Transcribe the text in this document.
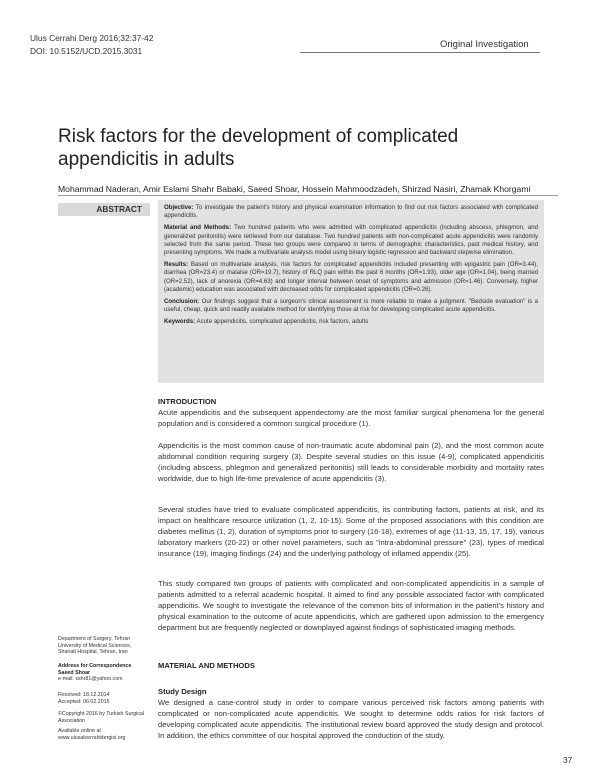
Ulus Cerrahi Derg 2016;32:37-42
DOI: 10.5152/UCD.2015.3031
Original Investigation
Risk factors for the development of complicated appendicitis in adults
Mohammad Naderan, Amir Eslami Shahr Babaki, Saeed Shoar, Hossein Mahmoodzadeh, Shirzad Nasiri, Zhamak Khorgami
ABSTRACT	Objective: To investigate the patient's history and physical examination information to find out risk factors associated with complicated appendicitis.

Material and Methods: Two hundred patients who were admitted with complicated appendicitis (including abscess, phlegmon, and generalized peritonitis) were retrieved from our database. Two hundred patients with non-complicated acute appendicitis were randomly selected from the same period. These two groups were compared in terms of demographic characteristics, past medical history, and presenting symptoms. We made a multivariate analysis model using binary logistic regression and backward stepwise elimination.

Results: Based on multivariate analysis, risk factors for complicated appendicitis included presenting with epigastric pain (OR=3.44), diarrhea (OR=23.4) or malaise (OR=19.7), history of RLQ pain within the past 6 months (OR=1.93), older age (OR=1.04), being married (OR=2.52), lack of anorexia (OR=4.63) and longer interval between onset of symptoms and admission (OR=1.46). Conversely, higher (academic) education was associated with decreased odds for complicated appendicitis (OR=0.26).

Conclusion: Our findings suggest that a surgeon's clinical assessment is more reliable to make a judgment. "Bedside evaluation" is a useful, cheap, quick and readily available method for identifying those at risk for developing complicated acute appendicitis.

Keywords: Acute appendicitis, complicated appendicitis, risk factors, adults

INTRODUCTION

Acute appendicitis and the subsequent appendectomy are the most familiar surgical phenomena for the general population and is considered a common surgical procedure (1).

Appendicitis is the most common cause of non-traumatic acute abdominal pain (2), and the most common acute abdominal condition requiring surgery (3). Despite several studies on this issue (4-9), complicated appendicitis (including abscess, phlegmon and generalized peritonitis) still leads to considerable morbidity and mortality rates worldwide, due to high life-time prevalence of acute appendicitis (3).
Several studies have tried to evaluate complicated appendicitis, its contributing factors, patients at risk, and its impact on healthcare resource utilization (1, 2, 10-15). Some of the proposed associations with this condition are diabetes mellitus (1, 2), duration of symptoms prior to surgery (16-18), extremes of age (11-13, 15, 17, 19), various laboratory markers (20-22) or other novel parameters, such as "intra-abdominal pressure" (23), types of medical insurance (19), imaging findings (24) and the underlying pathology of inflamed appendix (25).
This study compared two groups of patients with complicated and non-complicated appendicitis in a sample of patients admitted to a referral academic hospital. It aimed to find any possible associated factor with complicated appendicitis. We sought to investigate the relevance of the common bits of information in the patient's history and physical examination to the outcome of acute appendicitis, which are gathered upon admission to the emergency department but are frequently neglected or downplayed against findings of sophisticated imaging methods.
MATERIAL AND METHODS
Study Design
We designed a case-control study in order to compare various perceived risk factors among patients with complicated or non-complicated acute appendicitis. We sought to determine odds ratios for risk factors of developing complicated acute appendicitis. The institutional review board approved the study design and protocol. In addition, the ethics committee of our hospital approved the conduction of the study.
Department of Surgery, Tehran University of Medical Sciences, Shariati Hospital, Tehran, Iran
Address for Correspondence
Saeed Shoar
e-mail: sshr81@yahoo.com
Received: 18.12.2014
Accepted: 06.02.2015
©Copyright 2016 by Turkish Surgical Association
Available online at www.ulusalcerrahidergisi.org
37
